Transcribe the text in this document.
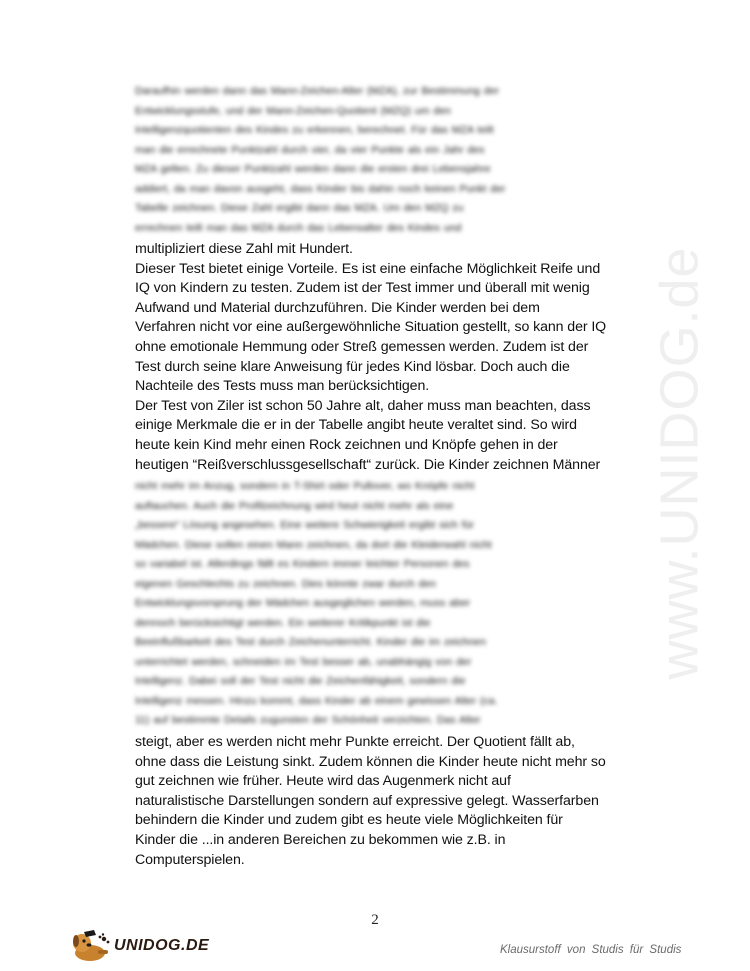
www.UNIDOG.de
Daraufhin werden dann das Mann-Zeichen-Alter (MZA), zur Bestimmung der
Entwicklungsstufe, und der Mann-Zeichen-Quotient (MZQ) um den
Intelligenzquotienten des Kindes zu erkennen, berechnet. Für das MZA teilt
man die errechnete Punktzahl durch vier, da vier Punkte als ein Jahr des
MZA gelten. Zu dieser Punktzahl werden dann die ersten drei Lebensjahre
addiert, da man davon ausgeht, dass Kinder bis dahin noch keinen Punkt der
Tabelle zeichnen. Diese Zahl ergibt dann das MZA. Um den MZQ zu
errechnen teilt man das MZA durch das Lebensalter des Kindes und
multipliziert diese Zahl mit Hundert.
Dieser Test bietet einige Vorteile. Es ist eine einfache Möglichkeit Reife und
IQ von Kindern zu testen. Zudem ist der Test immer und überall mit wenig
Aufwand und Material durchzuführen. Die Kinder werden bei dem
Verfahren nicht vor eine außergewöhnliche Situation gestellt, so kann der IQ
ohne emotionale Hemmung oder Streß gemessen werden. Zudem ist der
Test durch seine klare Anweisung für jedes Kind lösbar. Doch auch die
Nachteile des Tests muss man berücksichtigen.
Der Test von Ziler ist schon 50 Jahre alt, daher muss man beachten, dass
einige Merkmale die er in der Tabelle angibt heute veraltet sind. So wird
heute kein Kind mehr einen Rock zeichnen und Knöpfe gehen in der
heutigen “Reißverschlussgesellschaft“ zurück. Die Kinder zeichnen Männer
nicht mehr im Anzug, sondern in T-Shirt oder Pullover, wo Knöpfe nicht
auftauchen. Auch die Profilzeichnung wird heut nicht mehr als eine
„bessere“ Lösung angesehen. Eine weitere Schwierigkeit ergibt sich für
Mädchen. Diese sollen einen Mann zeichnen, da dort die Kleiderwahl nicht
so variabel ist. Allerdings fällt es Kindern immer leichter Personen des
eigenen Geschlechts zu zeichnen. Dies könnte zwar durch den
Entwicklungsvorsprung der Mädchen ausgeglichen werden, muss aber
dennoch berücksichtigt werden. Ein weiterer Kritikpunkt ist die
Beeinflußbarkeit des Test durch Zeichenunterricht. Kinder die im zeichnen
unterrichtet werden, schneiden im Test besser ab, unabhängig von der
Intelligenz. Dabei soll der Test nicht die Zeichenfähigkeit, sondern die
Intelligenz messen. Hinzu kommt, dass Kinder ab einem gewissen Alter (ca.
11) auf bestimmte Details zugunsten der Schönheit verzichten. Das Alter
steigt, aber es werden nicht mehr Punkte erreicht. Der Quotient fällt ab,
ohne dass die Leistung sinkt. Zudem können die Kinder heute nicht mehr so
gut zeichnen wie früher. Heute wird das Augenmerk nicht auf
naturalistische Darstellungen sondern auf expressive gelegt. Wasserfarben
behindern die Kinder und zudem gibt es heute viele Möglichkeiten für
Kinder die ...in anderen Bereichen zu bekommen wie z.B. in
Computerspielen.
2
UNIDOG.DE	Klausurstoff von Studis für Studis
